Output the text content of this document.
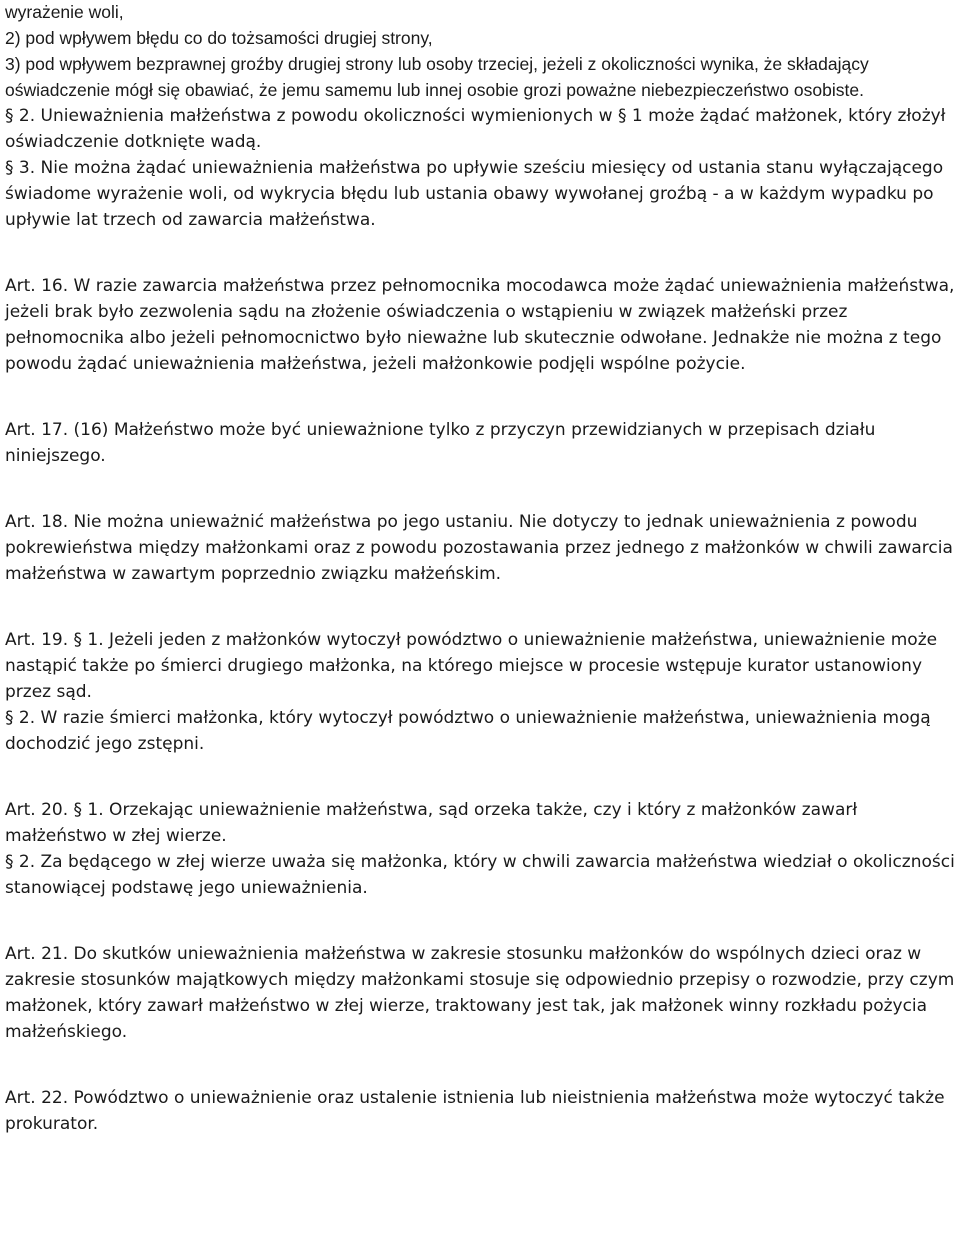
wyrażenie woli,

2) pod wpływem błędu co do tożsamości drugiej strony,

3) pod wpływem bezprawnej groźby drugiej strony lub osoby trzeciej, jeżeli z okoliczności wynika, że składający oświadczenie mógł się obawiać, że jemu samemu lub innej osobie grozi poważne niebezpieczeństwo osobiste.

§ 2. Unieważnienia małżeństwa z powodu okoliczności wymienionych w § 1 może żądać małżonek, który złożył oświadczenie dotknięte wadą.

§ 3. Nie można żądać unieważnienia małżeństwa po upływie sześciu miesięcy od ustania stanu wyłączającego świadome wyrażenie woli, od wykrycia błędu lub ustania obawy wywołanej groźbą - a w każdym wypadku po upływie lat trzech od zawarcia małżeństwa.

Art. 16. W razie zawarcia małżeństwa przez pełnomocnika mocodawca może żądać unieważnienia małżeństwa, jeżeli brak było zezwolenia sądu na złożenie oświadczenia o wstąpieniu w związek małżeński przez pełnomocnika albo jeżeli pełnomocnictwo było nieważne lub skutecznie odwołane. Jednakże nie można z tego powodu żądać unieważnienia małżeństwa, jeżeli małżonkowie podjęli wspólne pożycie.

Art. 17. (16) Małżeństwo może być unieważnione tylko z przyczyn przewidzianych w przepisach działu niniejszego.

Art. 18. Nie można unieważnić małżeństwa po jego ustaniu. Nie dotyczy to jednak unieważnienia z powodu pokrewieństwa między małżonkami oraz z powodu pozostawania przez jednego z małżonków w chwili zawarcia małżeństwa w zawartym poprzednio związku małżeńskim.

Art. 19. § 1. Jeżeli jeden z małżonków wytoczył powództwo o unieważnienie małżeństwa, unieważnienie może nastąpić także po śmierci drugiego małżonka, na którego miejsce w procesie wstępuje kurator ustanowiony przez sąd.

§ 2. W razie śmierci małżonka, który wytoczył powództwo o unieważnienie małżeństwa, unieważnienia mogą dochodzić jego zstępni.

Art. 20. § 1. Orzekając unieważnienie małżeństwa, sąd orzeka także, czy i który z małżonków zawarł małżeństwo w złej wierze.

§ 2. Za będącego w złej wierze uważa się małżonka, który w chwili zawarcia małżeństwa wiedział o okoliczności stanowiącej podstawę jego unieważnienia.

Art. 21. Do skutków unieważnienia małżeństwa w zakresie stosunku małżonków do wspólnych dzieci oraz w zakresie stosunków majątkowych między małżonkami stosuje się odpowiednio przepisy o rozwodzie, przy czym małżonek, który zawarł małżeństwo w złej wierze, traktowany jest tak, jak małżonek winny rozkładu pożycia małżeńskiego.

Art. 22. Powództwo o unieważnienie oraz ustalenie istnienia lub nieistnienia małżeństwa może wytoczyć także prokurator.
